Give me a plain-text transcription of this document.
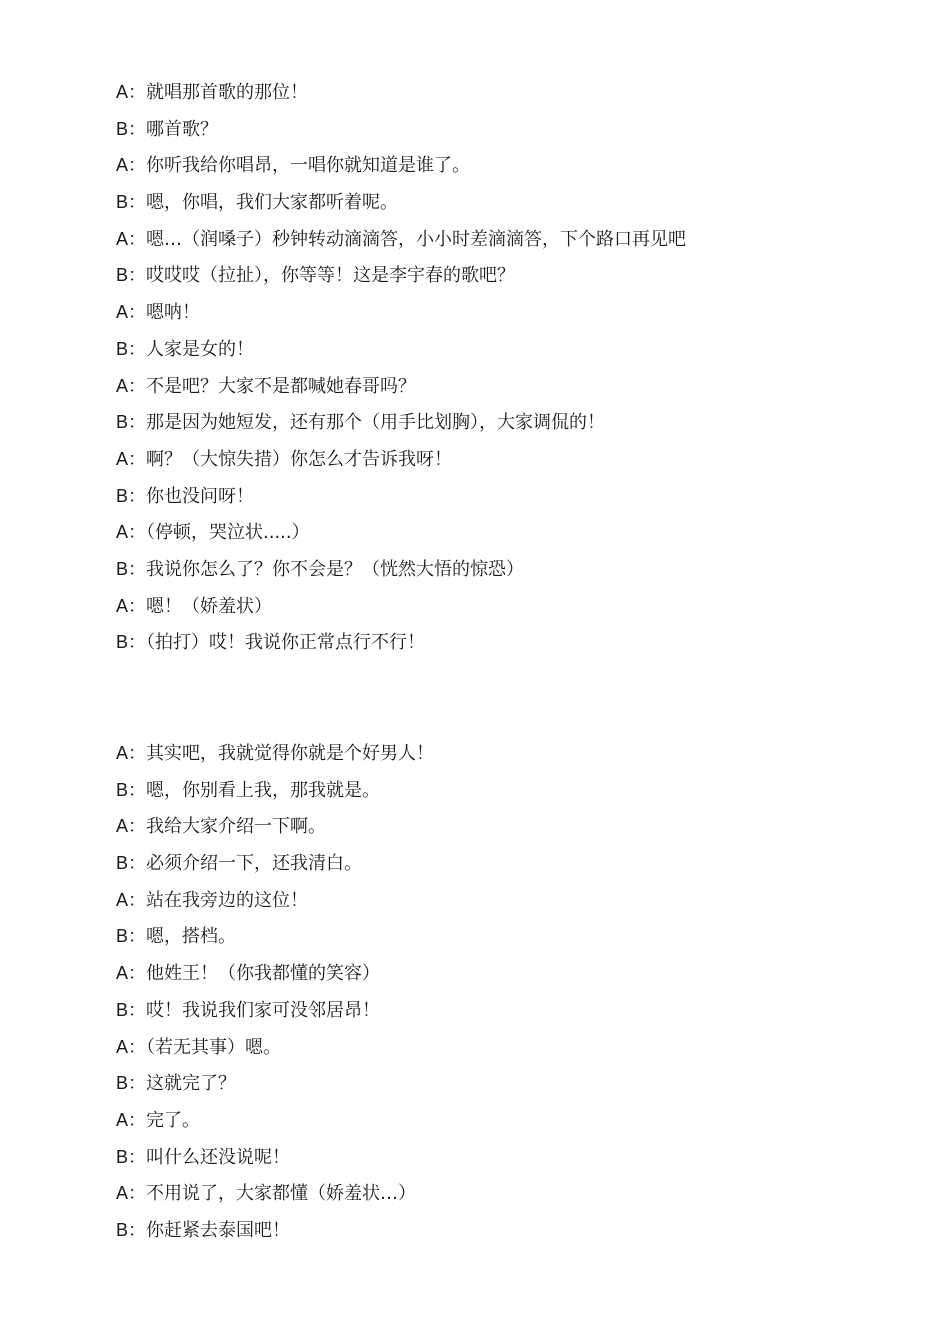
A：就唱那首歌的那位！
B：哪首歌？
A：你听我给你唱昂，一唱你就知道是谁了。
B：嗯，你唱，我们大家都听着呢。
A：嗯…（润嗓子）秒钟转动滴滴答，小小时差滴滴答，下个路口再见吧
B：哎哎哎（拉扯），你等等！这是李宇春的歌吧？
A：嗯呐！
B：人家是女的！
A：不是吧？大家不是都喊她春哥吗？
B：那是因为她短发，还有那个（用手比划胸），大家调侃的！
A：啊？（大惊失措）你怎么才告诉我呀！
B：你也没问呀！
A：（停顿，哭泣状.....）
B：我说你怎么了？你不会是？（恍然大悟的惊恐）
A：嗯！（娇羞状）
B：（拍打）哎！我说你正常点行不行！
A：其实吧，我就觉得你就是个好男人！
B：嗯，你别看上我，那我就是。
A：我给大家介绍一下啊。
B：必须介绍一下，还我清白。
A：站在我旁边的这位！
B：嗯，搭档。
A：他姓王！（你我都懂的笑容）
B：哎！我说我们家可没邻居昂！
A：（若无其事）嗯。
B：这就完了？
A：完了。
B：叫什么还没说呢！
A：不用说了，大家都懂（娇羞状…）
B：你赶紧去泰国吧！
